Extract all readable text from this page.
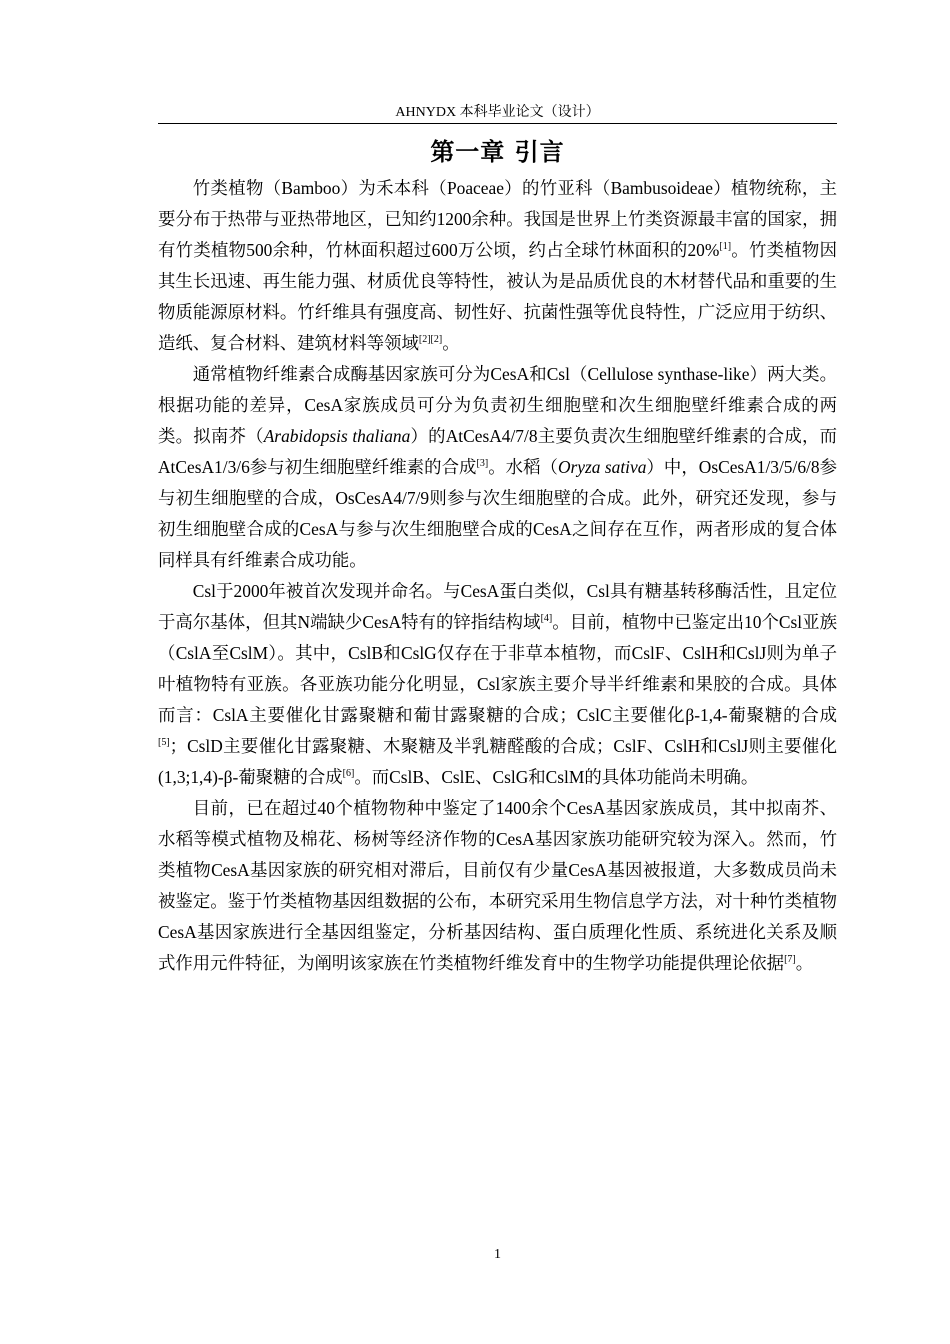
AHNYDX 本科毕业论文（设计）
第一章 引言

竹类植物（Bamboo）为禾本科（Poaceae）的竹亚科（Bambusoideae）植物统称，主要分布于热带与亚热带地区，已知约1200余种。我国是世界上竹类资源最丰富的国家，拥有竹类植物500余种，竹林面积超过600万公顷，约占全球竹林面积的20%[1]。竹类植物因其生长迅速、再生能力强、材质优良等特性，被认为是品质优良的木材替代品和重要的生物质能源原材料。竹纤维具有强度高、韧性好、抗菌性强等优良特性，广泛应用于纺织、造纸、复合材料、建筑材料等领域[2][2]。

通常植物纤维素合成酶基因家族可分为CesA和Csl（Cellulose synthase-like）两大类。根据功能的差异，CesA家族成员可分为负责初生细胞壁和次生细胞壁纤维素合成的两类。拟南芥（Arabidopsis thaliana）的AtCesA4/7/8主要负责次生细胞壁纤维素的合成，而AtCesA1/3/6参与初生细胞壁纤维素的合成[3]。水稻（Oryza sativa）中，OsCesA1/3/5/6/8参与初生细胞壁的合成，OsCesA4/7/9则参与次生细胞壁的合成。此外，研究还发现，参与初生细胞壁合成的CesA与参与次生细胞壁合成的CesA之间存在互作，两者形成的复合体同样具有纤维素合成功能。

Csl于2000年被首次发现并命名。与CesA蛋白类似，Csl具有糖基转移酶活性，且定位于高尔基体，但其N端缺少CesA特有的锌指结构域[4]。目前，植物中已鉴定出10个Csl亚族（CslA至CslM）。其中，CslB和CslG仅存在于非草本植物，而CslF、CslH和CslJ则为单子叶植物特有亚族。各亚族功能分化明显，Csl家族主要介导半纤维素和果胶的合成。具体而言：CslA主要催化甘露聚糖和葡甘露聚糖的合成；CslC主要催化β-1,4-葡聚糖的合成[5]；CslD主要催化甘露聚糖、木聚糖及半乳糖醛酸的合成；CslF、CslH和CslJ则主要催化(1,3;1,4)-β-葡聚糖的合成[6]。而CslB、CslE、CslG和CslM的具体功能尚未明确。

目前，已在超过40个植物物种中鉴定了1400余个CesA基因家族成员，其中拟南芥、水稻等模式植物及棉花、杨树等经济作物的CesA基因家族功能研究较为深入。然而，竹类植物CesA基因家族的研究相对滞后，目前仅有少量CesA基因被报道，大多数成员尚未被鉴定。鉴于竹类植物基因组数据的公布，本研究采用生物信息学方法，对十种竹类植物CesA基因家族进行全基因组鉴定，分析基因结构、蛋白质理化性质、系统进化关系及顺式作用元件特征，为阐明该家族在竹类植物纤维发育中的生物学功能提供理论依据[7]。

1
